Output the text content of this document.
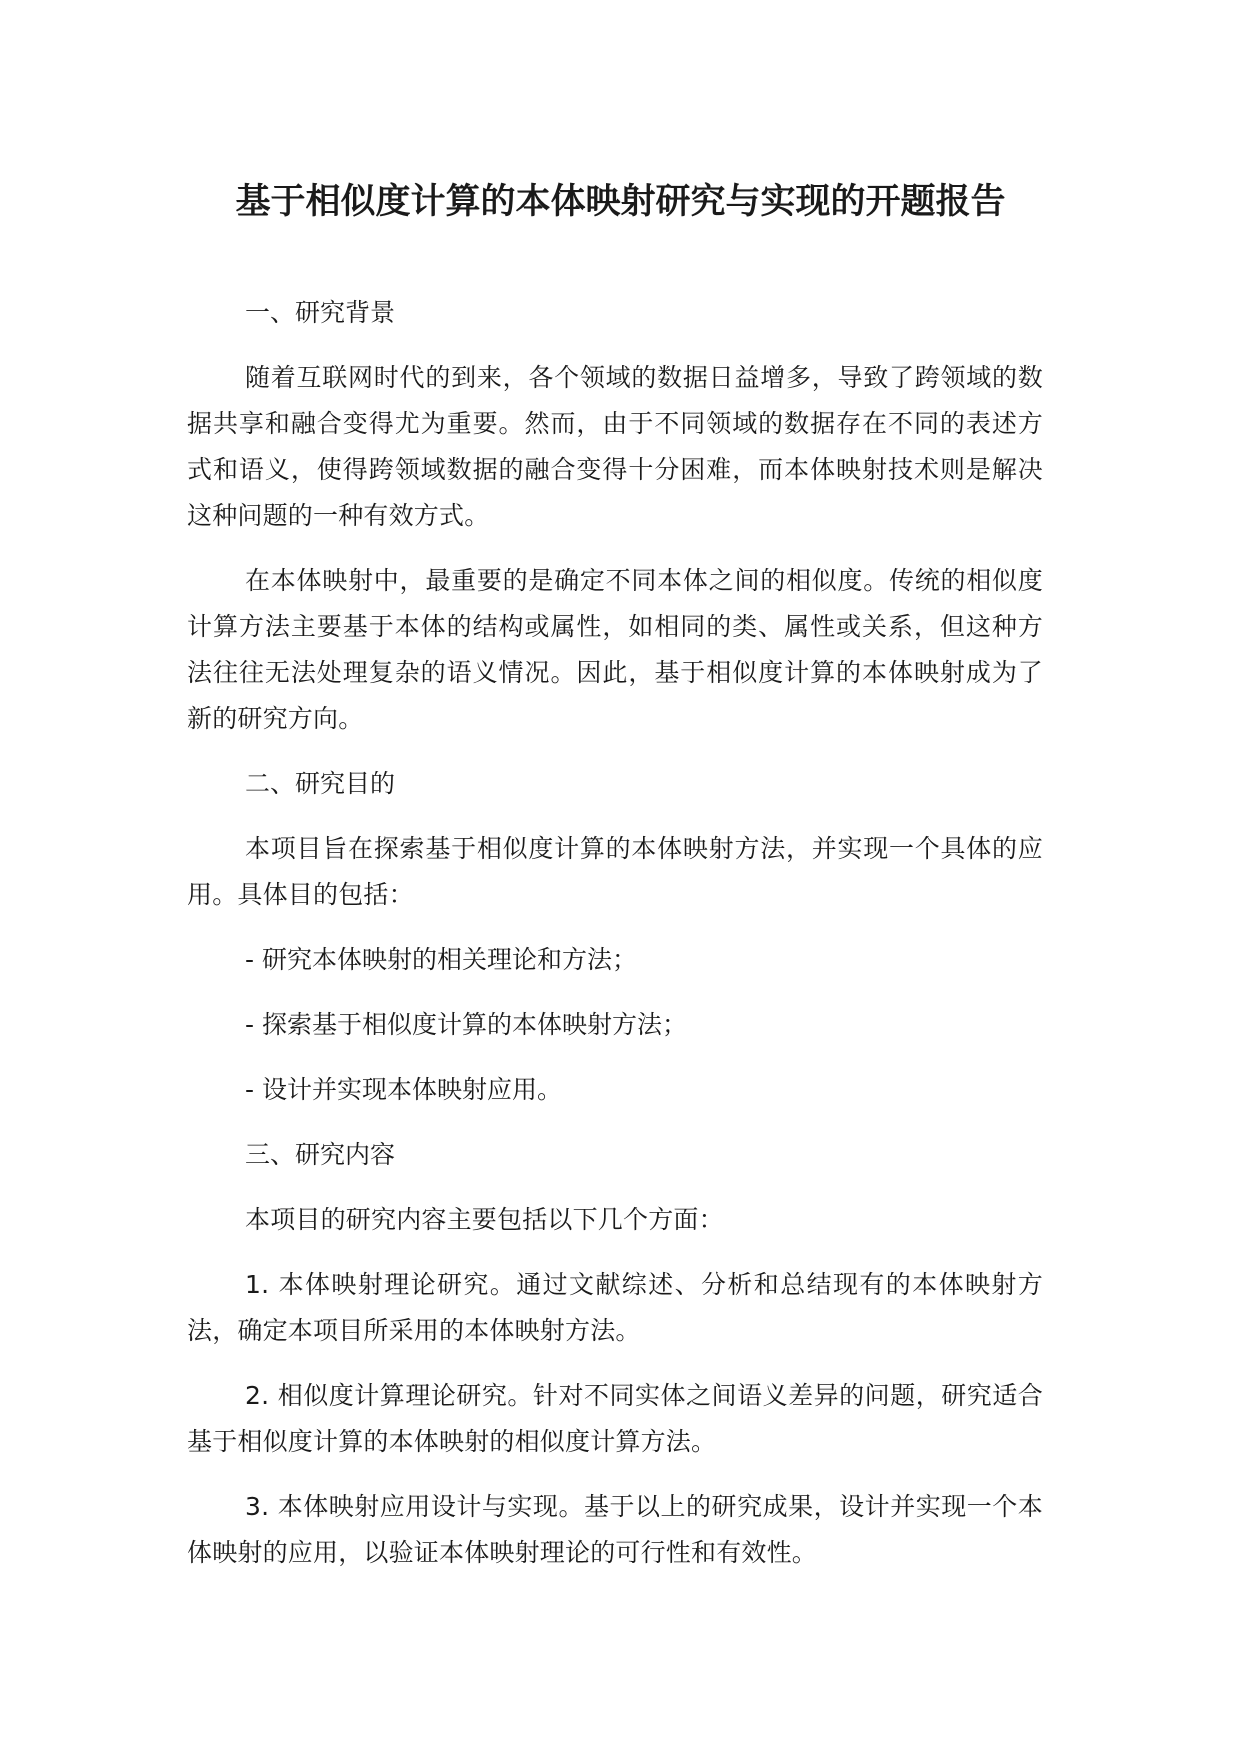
基于相似度计算的本体映射研究与实现的开题报告
一、研究背景
随着互联网时代的到来，各个领域的数据日益增多，导致了跨领域的数据共享和融合变得尤为重要。然而，由于不同领域的数据存在不同的表述方式和语义，使得跨领域数据的融合变得十分困难，而本体映射技术则是解决这种问题的一种有效方式。
在本体映射中，最重要的是确定不同本体之间的相似度。传统的相似度计算方法主要基于本体的结构或属性，如相同的类、属性或关系，但这种方法往往无法处理复杂的语义情况。因此，基于相似度计算的本体映射成为了新的研究方向。
二、研究目的
本项目旨在探索基于相似度计算的本体映射方法，并实现一个具体的应用。具体目的包括：
- 研究本体映射的相关理论和方法；
- 探索基于相似度计算的本体映射方法；
- 设计并实现本体映射应用。
三、研究内容
本项目的研究内容主要包括以下几个方面：
1. 本体映射理论研究。通过文献综述、分析和总结现有的本体映射方法，确定本项目所采用的本体映射方法。
2. 相似度计算理论研究。针对不同实体之间语义差异的问题，研究适合基于相似度计算的本体映射的相似度计算方法。
3. 本体映射应用设计与实现。基于以上的研究成果，设计并实现一个本体映射的应用，以验证本体映射理论的可行性和有效性。
